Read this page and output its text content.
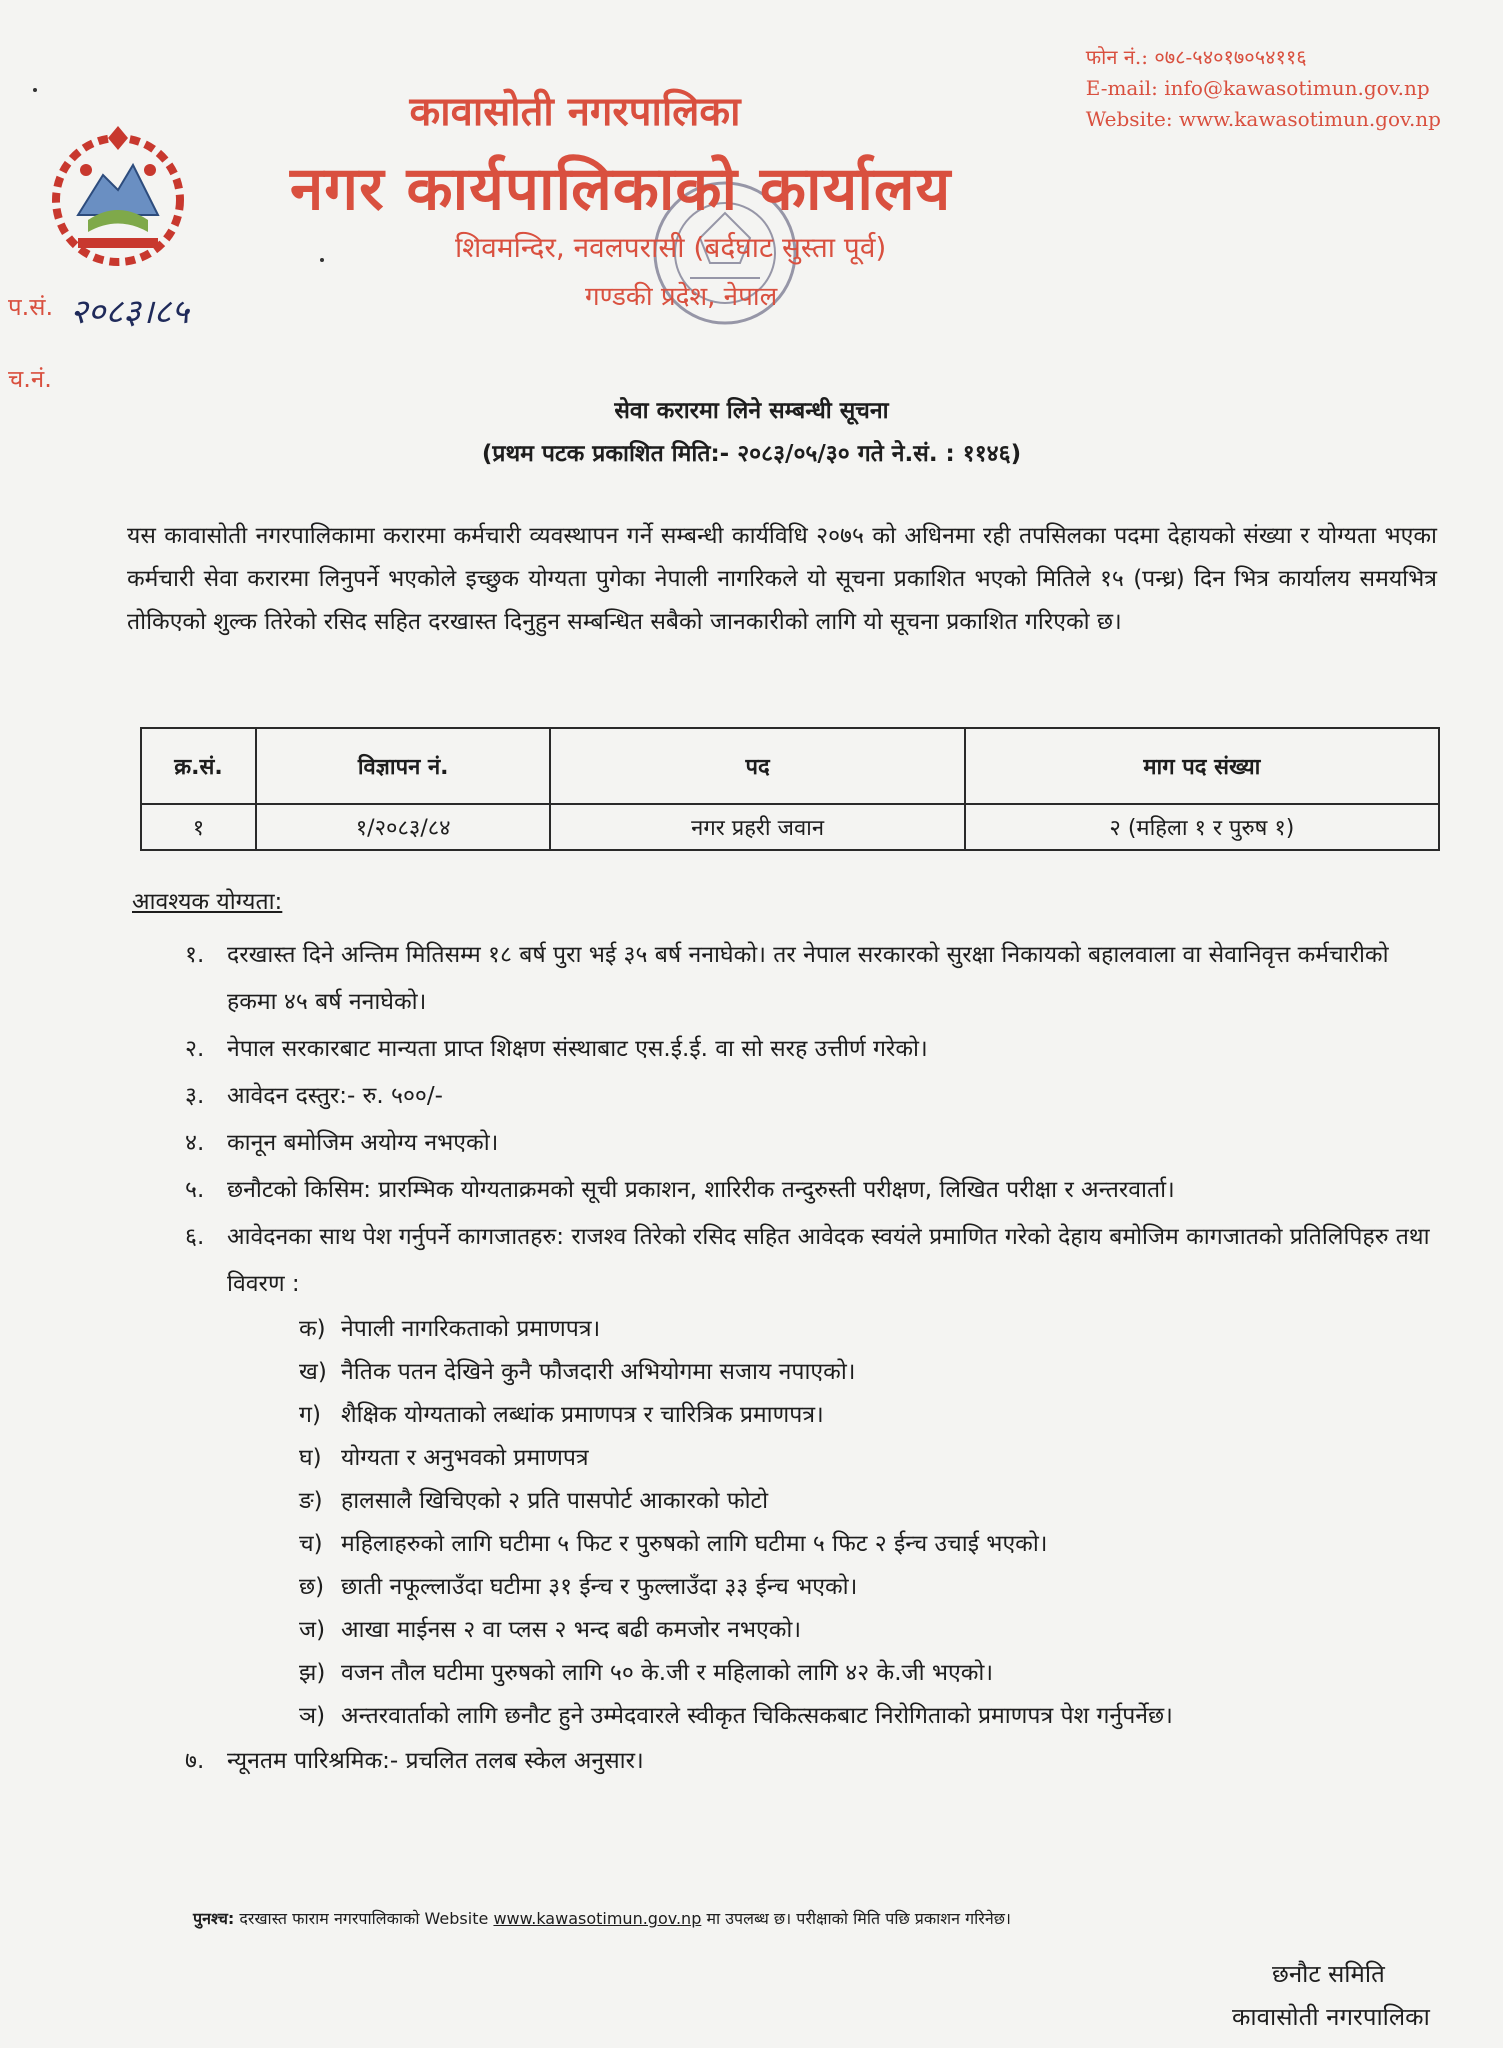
कावासोती नगरपालिका
नगर कार्यपालिकाको कार्यालय
शिवमन्दिर, नवलपरासी (बर्दघाट सुस्ता पूर्व)
गण्डकी प्रदेश, नेपाल
फोन नं.: ०७८-५४०१७०५४११६
E-mail: info@kawasotimun.gov.np
Website: www.kawasotimun.gov.np
प.सं. २०८३।८५
च.नं.
सेवा करारमा लिने सम्बन्धी सूचना
(प्रथम पटक प्रकाशित मिति:- २०८३/०५/३० गते ने.सं. : ११४६)
यस कावासोती नगरपालिकामा करारमा कर्मचारी व्यवस्थापन गर्ने सम्बन्धी कार्यविधि २०७५ को अधिनमा रही तपसिलका पदमा देहायको संख्या र योग्यता भएका कर्मचारी सेवा करारमा लिनुपर्ने भएकोले इच्छुक योग्यता पुगेका नेपाली नागरिकले यो सूचना प्रकाशित भएको मितिले १५ (पन्ध्र) दिन भित्र कार्यालय समयभित्र तोकिएको शुल्क तिरेको रसिद सहित दरखास्त दिनुहुन सम्बन्धित सबैको जानकारीको लागि यो सूचना प्रकाशित गरिएको छ।
क्र.सं.	विज्ञापन नं.	पद	माग पद संख्या
१	१/२०८३/८४	नगर प्रहरी जवान	२ (महिला १ र पुरुष १)
आवश्यक योग्यता:
१. दरखास्त दिने अन्तिम मितिसम्म १८ बर्ष पुरा भई ३५ बर्ष ननाघेको। तर नेपाल सरकारको सुरक्षा निकायको बहालवाला वा सेवानिवृत्त कर्मचारीको हकमा ४५ बर्ष ननाघेको।
२. नेपाल सरकारबाट मान्यता प्राप्त शिक्षण संस्थाबाट एस.ई.ई. वा सो सरह उत्तीर्ण गरेको।
३. आवेदन दस्तुर:- रु. ५००/-
४. कानून बमोजिम अयोग्य नभएको।
५. छनौटको किसिम: प्रारम्भिक योग्यताक्रमको सूची प्रकाशन, शारिरीक तन्दुरुस्ती परीक्षण, लिखित परीक्षा र अन्तरवार्ता।
६. आवेदनका साथ पेश गर्नुपर्ने कागजातहरु: राजश्व तिरेको रसिद सहित आवेदक स्वयंले प्रमाणित गरेको देहाय बमोजिम कागजातको प्रतिलिपिहरु तथा विवरण :
क) नेपाली नागरिकताको प्रमाणपत्र।
ख) नैतिक पतन देखिने कुनै फौजदारी अभियोगमा सजाय नपाएको।
ग) शैक्षिक योग्यताको लब्धांक प्रमाणपत्र र चारित्रिक प्रमाणपत्र।
घ) योग्यता र अनुभवको प्रमाणपत्र
ङ) हालसालै खिचिएको २ प्रति पासपोर्ट आकारको फोटो
च) महिलाहरुको लागि घटीमा ५ फिट र पुरुषको लागि घटीमा ५ फिट २ ईन्च उचाई भएको।
छ) छाती नफूल्लाउँदा घटीमा ३१ ईन्च र फुल्लाउँदा ३३ ईन्च भएको।
ज) आखा माईनस २ वा प्लस २ भन्द बढी कमजोर नभएको।
झ) वजन तौल घटीमा पुरुषको लागि ५० के.जी र महिलाको लागि ४२ के.जी भएको।
ञ) अन्तरवार्ताको लागि छनौट हुने उम्मेदवारले स्वीकृत चिकित्सकबाट निरोगिताको प्रमाणपत्र पेश गर्नुपर्नेछ।
७. न्यूनतम पारिश्रमिक:- प्रचलित तलब स्केल अनुसार।
पुनश्च: दरखास्त फाराम नगरपालिकाको Website www.kawasotimun.gov.np मा उपलब्ध छ। परीक्षाको मिति पछि प्रकाशन गरिनेछ।
छनौट समिति
कावासोती नगरपालिका
